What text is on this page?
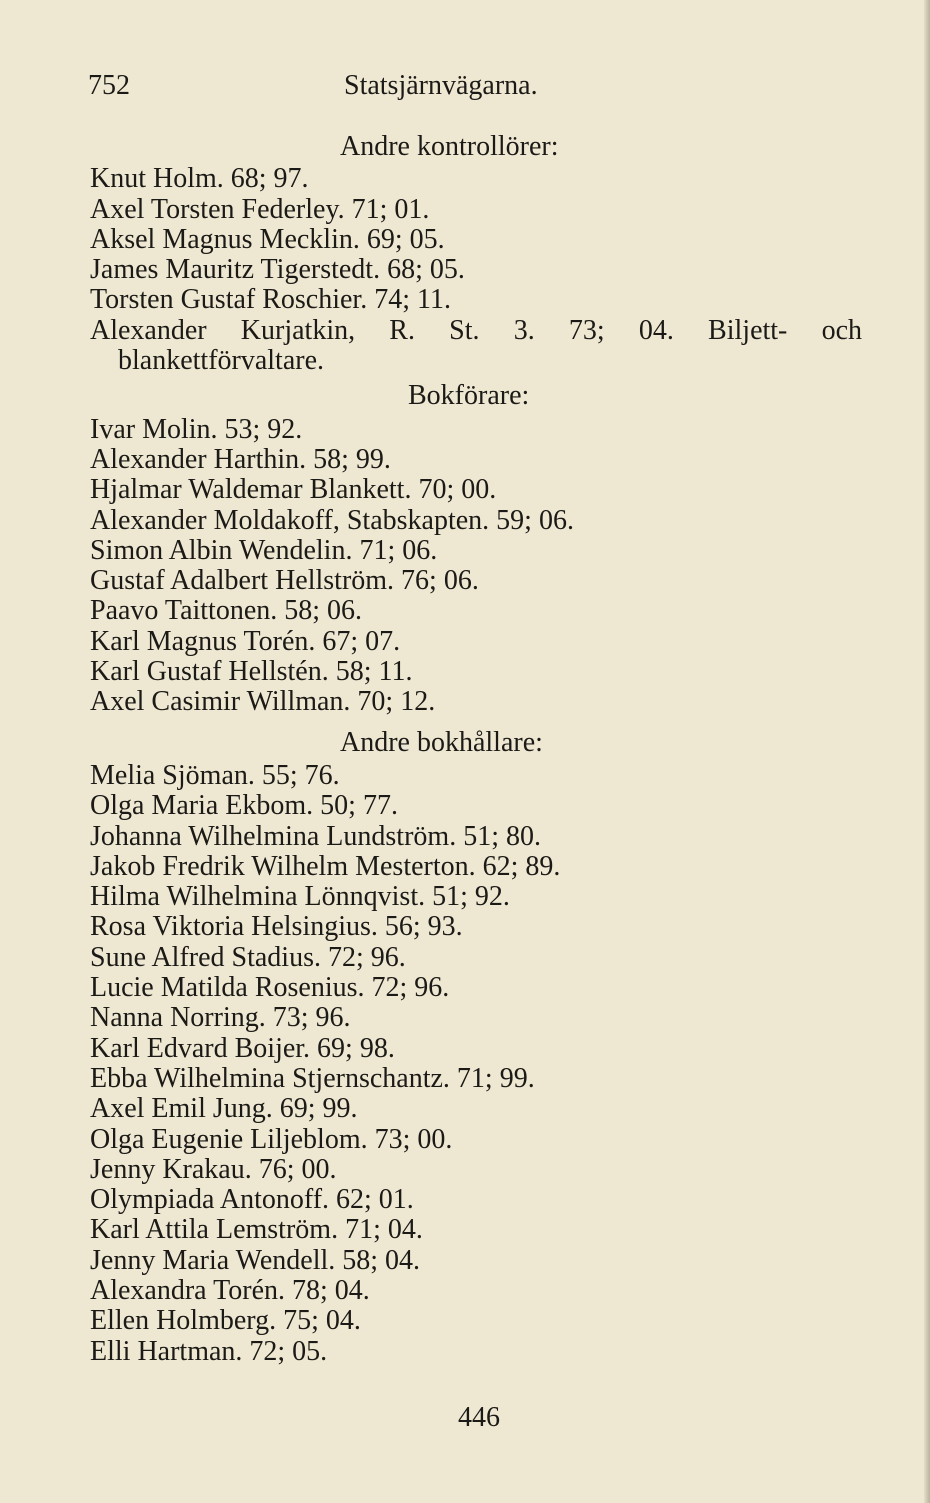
752	Statsjärnvägarna.
Andre kontrollörer:
Knut Holm. 68; 97.
Axel Torsten Federley. 71; 01.
Aksel Magnus Mecklin. 69; 05.
James Mauritz Tigerstedt. 68; 05.
Torsten Gustaf Roschier. 74; 11.
Alexander Kurjatkin, R. St. 3. 73; 04. Biljett- och
blankettförvaltare.
Bokförare:
Ivar Molin. 53; 92.
Alexander Harthin. 58; 99.
Hjalmar Waldemar Blankett. 70; 00.
Alexander Moldakoff, Stabskapten. 59; 06.
Simon Albin Wendelin. 71; 06.
Gustaf Adalbert Hellström. 76; 06.
Paavo Taittonen. 58; 06.
Karl Magnus Torén. 67; 07.
Karl Gustaf Hellstén. 58; 11.
Axel Casimir Willman. 70; 12.
Andre bokhållare:
Melia Sjöman. 55; 76.
Olga Maria Ekbom. 50; 77.
Johanna Wilhelmina Lundström. 51; 80.
Jakob Fredrik Wilhelm Mesterton. 62; 89.
Hilma Wilhelmina Lönnqvist. 51; 92.
Rosa Viktoria Helsingius. 56; 93.
Sune Alfred Stadius. 72; 96.
Lucie Matilda Rosenius. 72; 96.
Nanna Norring. 73; 96.
Karl Edvard Boijer. 69; 98.
Ebba Wilhelmina Stjernschantz. 71; 99.
Axel Emil Jung. 69; 99.
Olga Eugenie Liljeblom. 73; 00.
Jenny Krakau. 76; 00.
Olympiada Antonoff. 62; 01.
Karl Attila Lemström. 71; 04.
Jenny Maria Wendell. 58; 04.
Alexandra Torén. 78; 04.
Ellen Holmberg. 75; 04.
Elli Hartman. 72; 05.
446
